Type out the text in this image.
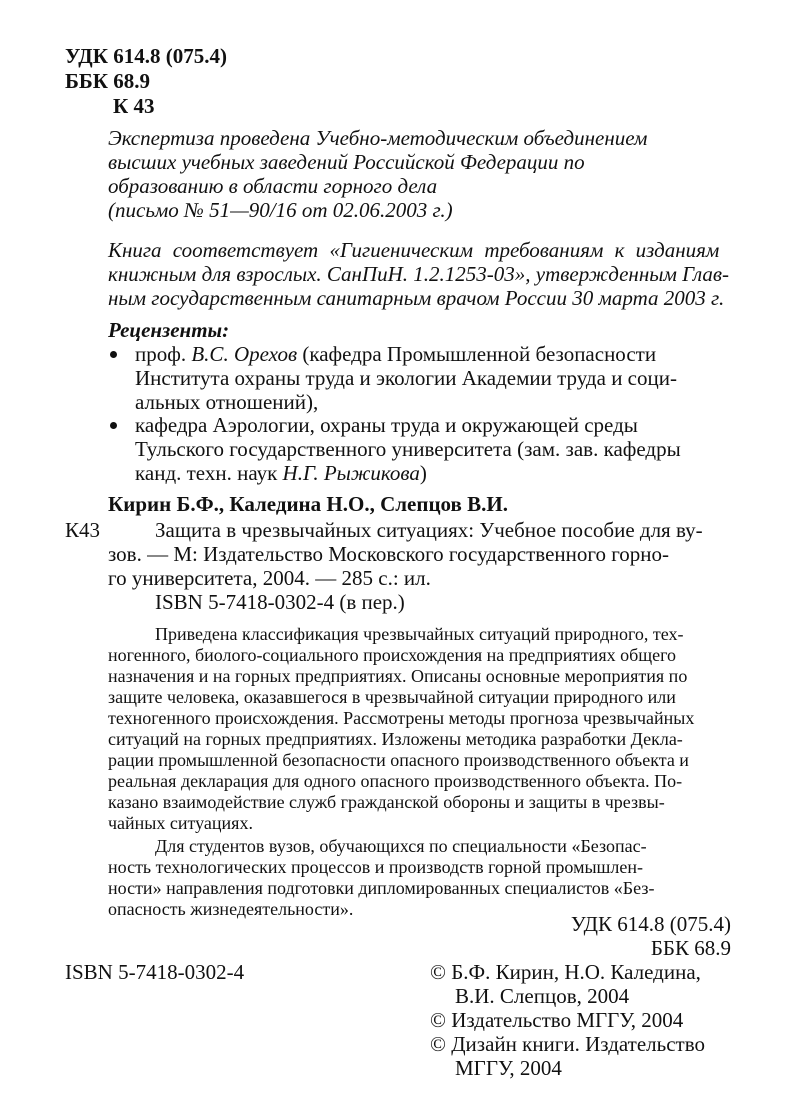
УДК 614.8 (075.4)
ББК 68.9
К 43
Экспертиза проведена Учебно-методическим объединением
высших учебных заведений Российской Федерации по
образованию в области горного дела
(письмо № 51—90/16 от 02.06.2003 г.)
Книга соответствует «Гигиеническим требованиям к изданиям
книжным для взрослых. СанПиН. 1.2.1253-03», утвержденным Глав-
ным государственным санитарным врачом России 30 марта 2003 г.
Рецензенты:
проф. В.С. Орехов (кафедра Промышленной безопасности
Института охраны труда и экологии Академии труда и соци-
альных отношений),
кафедра Аэрологии, охраны труда и окружающей среды
Тульского государственного университета (зам. зав. кафедры
канд. техн. наук Н.Г. Рыжикова)
Кирин Б.Ф., Каледина Н.О., Слепцов В.И.
К43	Защита в чрезвычайных ситуациях: Учебное пособие для ву-
зов. — М: Издательство Московского государственного горно-
го университета, 2004. — 285 с.: ил.
ISBN 5-7418-0302-4 (в пер.)
Приведена классификация чрезвычайных ситуаций природного, тех-
ногенного, биолого-социального происхождения на предприятиях общего
назначения и на горных предприятиях. Описаны основные мероприятия по
защите человека, оказавшегося в чрезвычайной ситуации природного или
техногенного происхождения. Рассмотрены методы прогноза чрезвычайных
ситуаций на горных предприятиях. Изложены методика разработки Декла-
рации промышленной безопасности опасного производственного объекта и
реальная декларация для одного опасного производственного объекта. По-
казано взаимодействие служб гражданской обороны и защиты в чрезвы-
чайных ситуациях.
Для студентов вузов, обучающихся по специальности «Безопас-
ность технологических процессов и производств горной промышлен-
ности» направления подготовки дипломированных специалистов «Без-
опасность жизнедеятельности».
УДК 614.8 (075.4)
ББК 68.9
ISBN 5-7418-0302-4	© Б.Ф. Кирин, Н.О. Каледина,
В.И. Слепцов, 2004
© Издательство МГГУ, 2004
© Дизайн книги. Издательство
МГГУ, 2004
